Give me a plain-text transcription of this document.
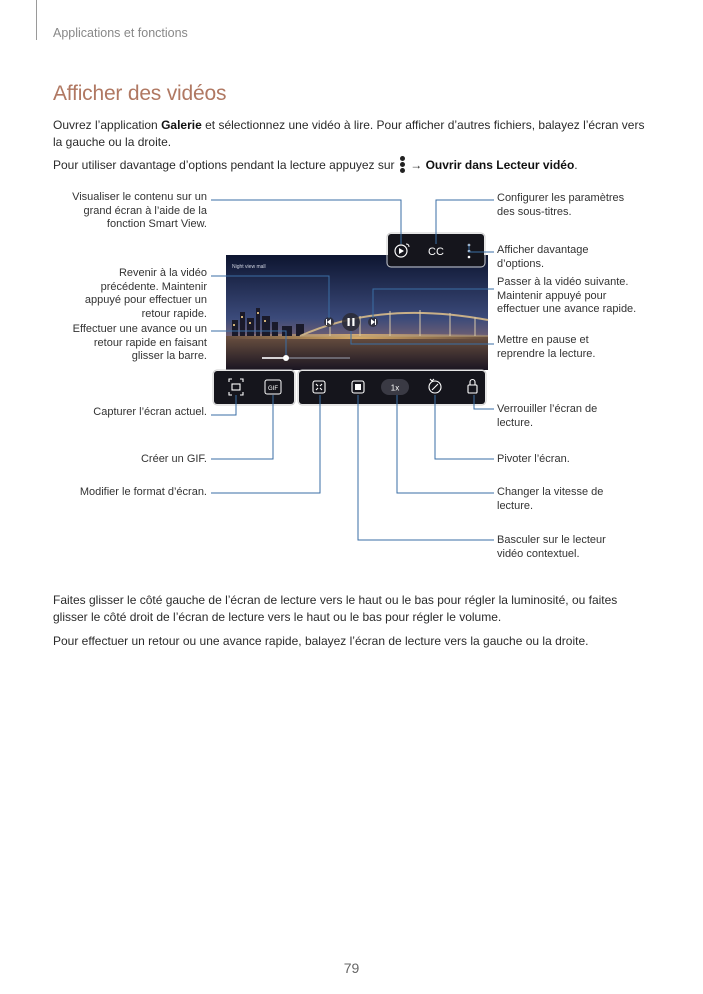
Applications et fonctions
Afficher des vidéos
Ouvrez l’application Galerie et sélectionnez une vidéo à lire. Pour afficher d’autres fichiers, balayez l’écran vers la gauche ou la droite.
Pour utiliser davantage d’options pendant la lecture appuyez sur
→ Ouvrir dans Lecteur vidéo.
Night view mall
CC
GIF	1x
Visualiser le contenu sur un grand écran à l’aide de la fonction Smart View.
Revenir à la vidéo précédente. Maintenir appuyé pour effectuer un retour rapide.
Effectuer une avance ou un retour rapide en faisant glisser la barre.
Capturer l’écran actuel.
Créer un GIF.
Modifier le format d’écran.
Configurer les paramètres des sous-titres.
Afficher davantage d’options.
Passer à la vidéo suivante. Maintenir appuyé pour effectuer une avance rapide.
Mettre en pause et reprendre la lecture.
Verrouiller l’écran de lecture.
Pivoter l’écran.
Changer la vitesse de lecture.
Basculer sur le lecteur vidéo contextuel.
Faites glisser le côté gauche de l’écran de lecture vers le haut ou le bas pour régler la luminosité, ou faites glisser le côté droit de l’écran de lecture vers le haut ou le bas pour régler le volume.
Pour effectuer un retour ou une avance rapide, balayez l’écran de lecture vers la gauche ou la droite.
79
